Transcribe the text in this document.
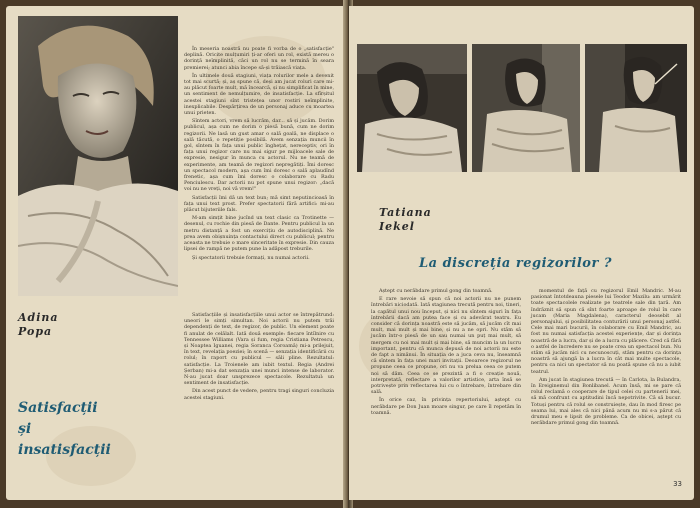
Adina
Popa
Satisfacții
și
insatisfacții

În meseria noastră nu poate fi vorba de o „satisfacție" deplină. Oricite mulțumiri ți-ar oferi un rol, există mereu o dorință neîmplinită, căci un rol nu se termină în seara premierei; atunci abia începe să-și trăiască viața.

În ultimele două stagiuni, viața rolurilor mele a devenit tot mai scurtă; și, aș spune că, deși am jucat roluri care mi-au plăcut foarte mult, mă încearcă, și nu simplificat în mine, un sentiment de nemulțumire, de insatisfacție. La sfîrșitul acestei stagiuni sînt tristețea unor rostiri neîmplinite, inexplicabile. Despărțirea de un personaj aduce cu moartea unui prieten.

Sîntem actori, vrem să lucrăm, dar... să și jucăm. Dorim publicul, așa cum ne dorim o piesă bună, cum ne dorim regizorii. Ne lasă un gust amar o sală goală, ne displace o sală tăcută, o repetiție posibilă. Avem senzația muncii în gol, sîntem în fața unui public înghețat, nereceptiv, ori în fața unui regizor care nu mai sigur pe mijloacele sale de expresie, nesigur în munca cu actorul. Nu ne teamă de experimente, am teamă de regizori nepregătiți. Îmi doresc un spectacol modern, așa cum îmi doresc o sală aplaudînd frenetic, așa cum îmi doresc o colaborare cu Radu Penciulescu. Dar actorii nu pot spune unui regizor: „dacă voi nu ne vreți, noi vă vrem!"

Satisfacții îmi dă un text bun; mă simt neputincioasă în fața unui text prost. Prefer spectatorii fără artifici: mi-au plăcut bijuteriile fals.

M-am simțit bine jucînd un text clasic ca Trotinette — desenul, cu rochie din piesă de Dante. Pentru publicul la un metru distanță a fost un exercițiu de autodisciplină. Ne prea avem obișnuința contactului direct cu publicul; pentru aceasta ne trebuie o mare sinceritate în expresie. Din cauza lipsei de rampă ne putem pune la adăpost treburile.

Și spectatorii trebuie formați, nu numai actorii.

Satisfacțiile și insatisfacțiile unui actor se întrepătrund: uneori le simți simultan. Noi actorii nu putem trăi dependenți de text, de regizor, de public. Un element poate fi anulat de celălalt. Iată două exemple: fiecare întîlnire cu Tennessee Williams (Vara și fum, regia Cristiana Petrescu, și Noaptea Iguanei, regia Soranca Coroamă) mi-a prilejuit, în text, revelația poeziei; în scenă — senzația identificării cu rolul; în raport cu publicul — săli pline. Rezultatul: satisfacție. La Troienele am iubit textul. Regia (Andrei Șerban) mi-a dat senzația unei munci intense de laborator. N-au jucat doar unsprezece spectacole. Rezultatul: un sentiment de insatisfacție.

Din acest punct de vedere, pentru tragi singuri concluzia acestei stagiuni.

Tatiana
Iekel
La discreția regizorilor ?

Aștept cu nerăbdare primul gong din toamnă.

E rare nevoie să spun că noi actorii nu ne punem întrebări niciodată. Iată stagiunea trecută pentru noi, tineri, la capătul unui nou început, și nici nu sîntem siguri în fața întrebării dacă am putea face și cu adevărat teatru. Eu consider că dorința noastră este să jucăm, să jucăm cît mai mult, mai mult și mai bine, și nu a ne opri. Nu stăm să jucăm într-o piesă de un sau numai un puț mai mult, să mergem cu noi mai mult și mai bine, să muncim la un lucru important, pentru că munca depusă de noi actorii nu este de fapt a nimănui. În situația de a juca ceva nu, înseamnă că sîntem în fața unei mari invitații. Deoarece regizorul ne propune ceea ce propune, ori nu va prelua ceea ce putem noi să dăm. Ceea ce se prezintă a fi o creație nouă, interpretată, reflectare a valorilor artistice, arta însă se potrivește prin reflectarea lui cu o întrebare, întrebare din sală.

În orice caz, în privința repertoriului, aștept cu nerăbdare pe Don Juan moare singur, pe care îl repetăm în toamnă.

momentul de față cu regizorul Emil Mandric. M-au pasionat întotdeauna piesele lui Teodor Mazilu: am urmărit toate spectacolele realizate pe teatrele sale din țară. Am îndrăznit să spun că sînt foarte aproape de rolul în care jucam (Maria Magdalena), caracterul deosebit al personajului, și posibilitatea conturării unui personaj astfel. Cele mai mari bucurii, în colaborare cu Emil Mandric, au fost nu numai satisfacția acestei experiențe, dar și dorința noastră de a lucra, dar și de a lucra cu plăcere. Cred că fără o astfel de încredere nu se poate crea un spectacol bun. Nu stăm să jucăm nici cu necunoscuți, stăm pentru ca dorința noastră să ajungă la a lucra în cât mai multe spectacole, pentru ca nici un spectator să nu poată spune că nu a iubit teatrul.

Am jucat în stagiunea trecută — în Carlota, la Bulandra, în Ereiginemul din Bonlibanel. Acum însă, mi se pare că rolul reclamă o cooperare de tipul celei cu partenerii mei, să mă confrunt cu aptitudini încă nepotrivite. Că să bucur. Totuși pentru că rolul se construiește, dau în mod firesc pe seama lui, mai ales că nici până acum nu mi s-a părut că drumul meu e lipsit de probleme. Ca de obicei, aștept cu nerăbdare primul gong din toamnă.

33
